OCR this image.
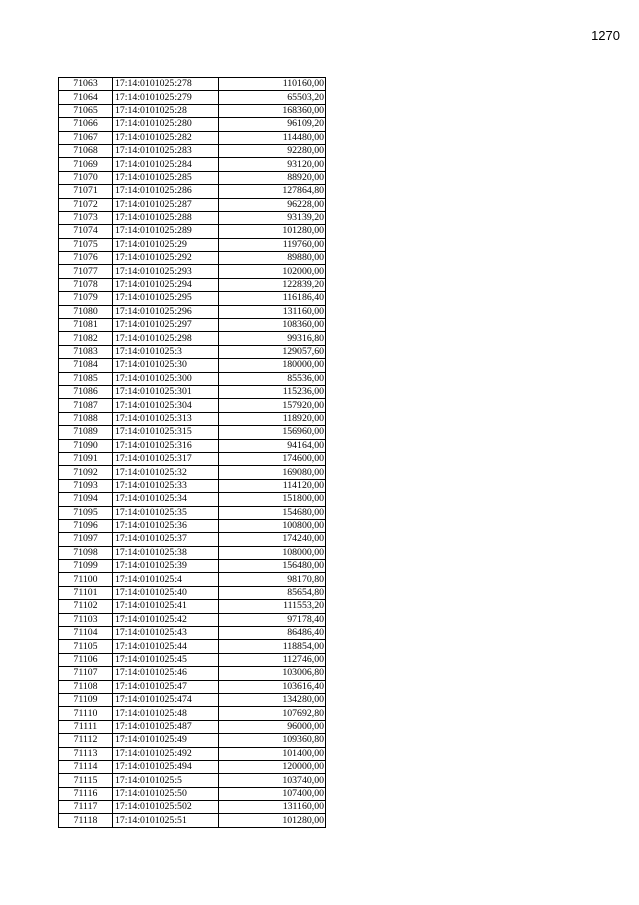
1270
71063	17:14:0101025:278	110160,00
71064	17:14:0101025:279	65503,20
71065	17:14:0101025:28	168360,00
71066	17:14:0101025:280	96109,20
71067	17:14:0101025:282	114480,00
71068	17:14:0101025:283	92280,00
71069	17:14:0101025:284	93120,00
71070	17:14:0101025:285	88920,00
71071	17:14:0101025:286	127864,80
71072	17:14:0101025:287	96228,00
71073	17:14:0101025:288	93139,20
71074	17:14:0101025:289	101280,00
71075	17:14:0101025:29	119760,00
71076	17:14:0101025:292	89880,00
71077	17:14:0101025:293	102000,00
71078	17:14:0101025:294	122839,20
71079	17:14:0101025:295	116186,40
71080	17:14:0101025:296	131160,00
71081	17:14:0101025:297	108360,00
71082	17:14:0101025:298	99316,80
71083	17:14:0101025:3	129057,60
71084	17:14:0101025:30	180000,00
71085	17:14:0101025:300	85536,00
71086	17:14:0101025:301	115236,00
71087	17:14:0101025:304	157920,00
71088	17:14:0101025:313	118920,00
71089	17:14:0101025:315	156960,00
71090	17:14:0101025:316	94164,00
71091	17:14:0101025:317	174600,00
71092	17:14:0101025:32	169080,00
71093	17:14:0101025:33	114120,00
71094	17:14:0101025:34	151800,00
71095	17:14:0101025:35	154680,00
71096	17:14:0101025:36	100800,00
71097	17:14:0101025:37	174240,00
71098	17:14:0101025:38	108000,00
71099	17:14:0101025:39	156480,00
71100	17:14:0101025:4	98170,80
71101	17:14:0101025:40	85654,80
71102	17:14:0101025:41	111553,20
71103	17:14:0101025:42	97178,40
71104	17:14:0101025:43	86486,40
71105	17:14:0101025:44	118854,00
71106	17:14:0101025:45	112746,00
71107	17:14:0101025:46	103006,80
71108	17:14:0101025:47	103616,40
71109	17:14:0101025:474	134280,00
71110	17:14:0101025:48	107692,80
71111	17:14:0101025:487	96000,00
71112	17:14:0101025:49	109360,80
71113	17:14:0101025:492	101400,00
71114	17:14:0101025:494	120000,00
71115	17:14:0101025:5	103740,00
71116	17:14:0101025:50	107400,00
71117	17:14:0101025:502	131160,00
71118	17:14:0101025:51	101280,00
